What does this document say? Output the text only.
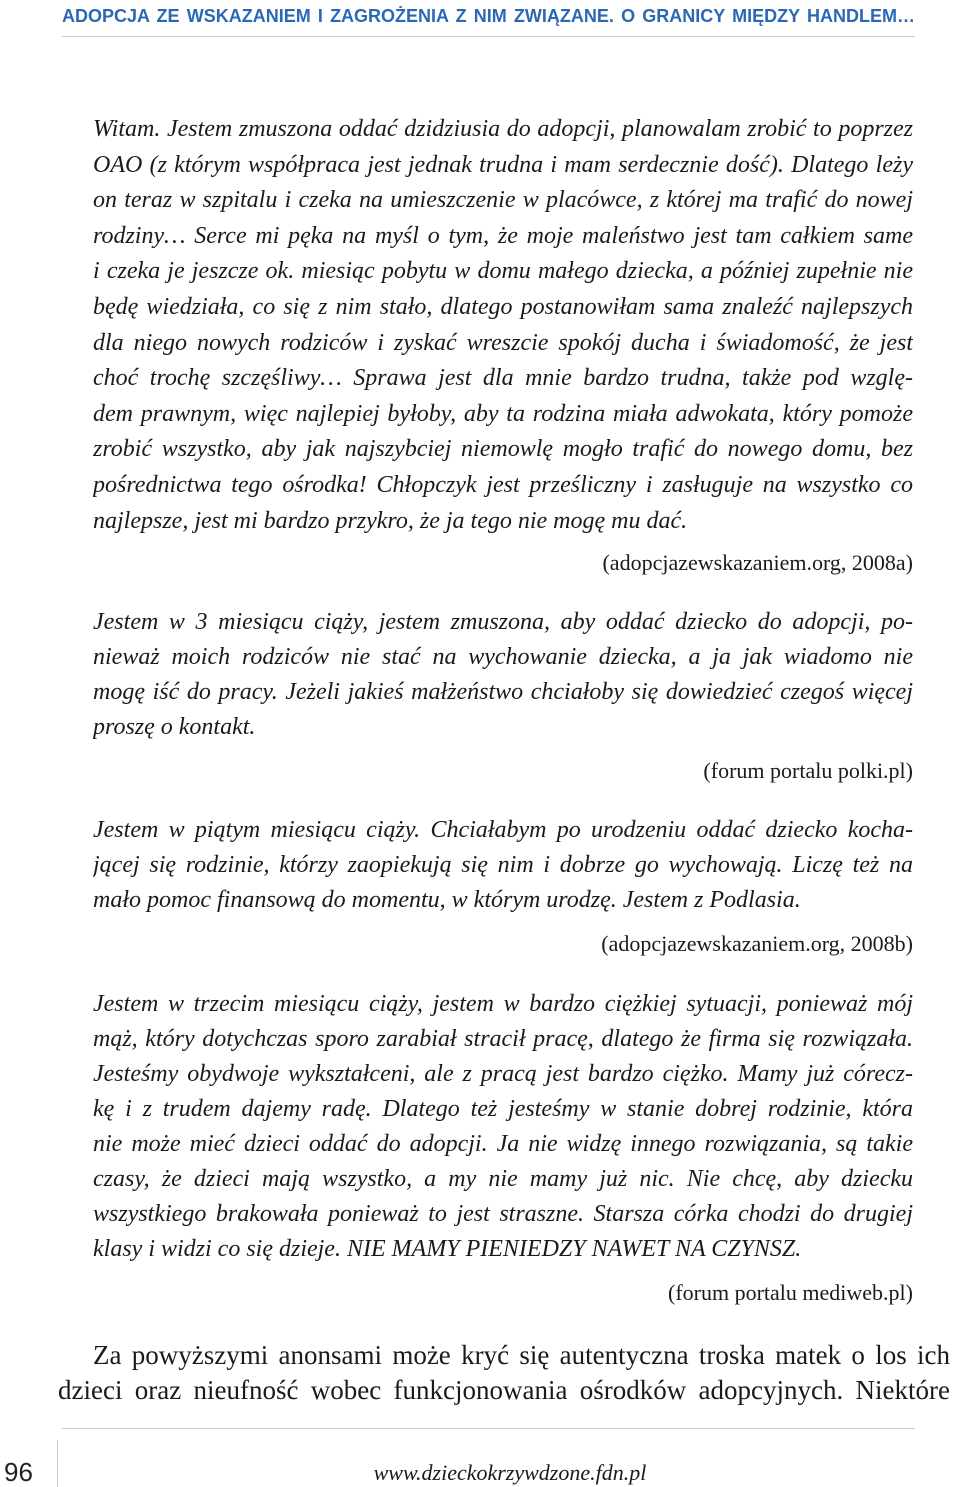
ADOPCJA ZE WSKAZANIEM I ZAGROŻENIA Z NIM ZWIĄZANE. O GRANICY MIĘDZY HANDLEM…
Witam. Jestem zmuszona oddać dzidziusia do adopcji, planowalam zrobić to poprzez
OAO (z którym współpraca jest jednak trudna i mam serdecznie dość). Dlatego leży
on teraz w szpitalu i czeka na umieszczenie w placówce, z której ma trafić do nowej
rodziny… Serce mi pęka na myśl o tym, że moje maleństwo jest tam całkiem same
i czeka je jeszcze ok. miesiąc pobytu w domu małego dziecka, a później zupełnie nie
będę wiedziała, co się z nim stało, dlatego postanowiłam sama znaleźć najlepszych
dla niego nowych rodziców i zyskać wreszcie spokój ducha i świadomość, że jest
choć trochę szczęśliwy… Sprawa jest dla mnie bardzo trudna, także pod wzglę-
dem prawnym, więc najlepiej byłoby, aby ta rodzina miała adwokata, który pomoże
zrobić wszystko, aby jak najszybciej niemowlę mogło trafić do nowego domu, bez
pośrednictwa tego ośrodka! Chłopczyk jest prześliczny i zasługuje na wszystko co
najlepsze, jest mi bardzo przykro, że ja tego nie mogę mu dać.
(adopcjazewskazaniem.org, 2008a)
Jestem w 3 miesiącu ciąży, jestem zmuszona, aby oddać dziecko do adopcji, po-
nieważ moich rodziców nie stać na wychowanie dziecka, a ja jak wiadomo nie
mogę iść do pracy. Jeżeli jakieś małżeństwo chciałoby się dowiedzieć czegoś więcej
proszę o kontakt.
(forum portalu polki.pl)
Jestem w piątym miesiącu ciąży. Chciałabym po urodzeniu oddać dziecko kocha-
jącej się rodzinie, którzy zaopiekują się nim i dobrze go wychowają. Liczę też na
mało pomoc finansową do momentu, w którym urodzę. Jestem z Podlasia.
(adopcjazewskazaniem.org, 2008b)
Jestem w trzecim miesiącu ciąży, jestem w bardzo ciężkiej sytuacji, ponieważ mój
mąż, który dotychczas sporo zarabiał stracił pracę, dlatego że firma się rozwiązała.
Jesteśmy obydwoje wykształceni, ale z pracą jest bardzo ciężko. Mamy już córecz-
kę i z trudem dajemy radę. Dlatego też jesteśmy w stanie dobrej rodzinie, która
nie może mieć dzieci oddać do adopcji. Ja nie widzę innego rozwiązania, są takie
czasy, że dzieci mają wszystko, a my nie mamy już nic. Nie chcę, aby dziecku
wszystkiego brakowała ponieważ to jest straszne. Starsza córka chodzi do drugiej
klasy i widzi co się dzieje. NIE MAMY PIENIEDZY NAWET NA CZYNSZ.
(forum portalu mediweb.pl)
Za powyższymi anonsami może kryć się autentyczna troska matek o los ich
dzieci oraz nieufność wobec funkcjonowania ośrodków adopcyjnych. Niektóre
96	www.dzieckokrzywdzone.fdn.pl
